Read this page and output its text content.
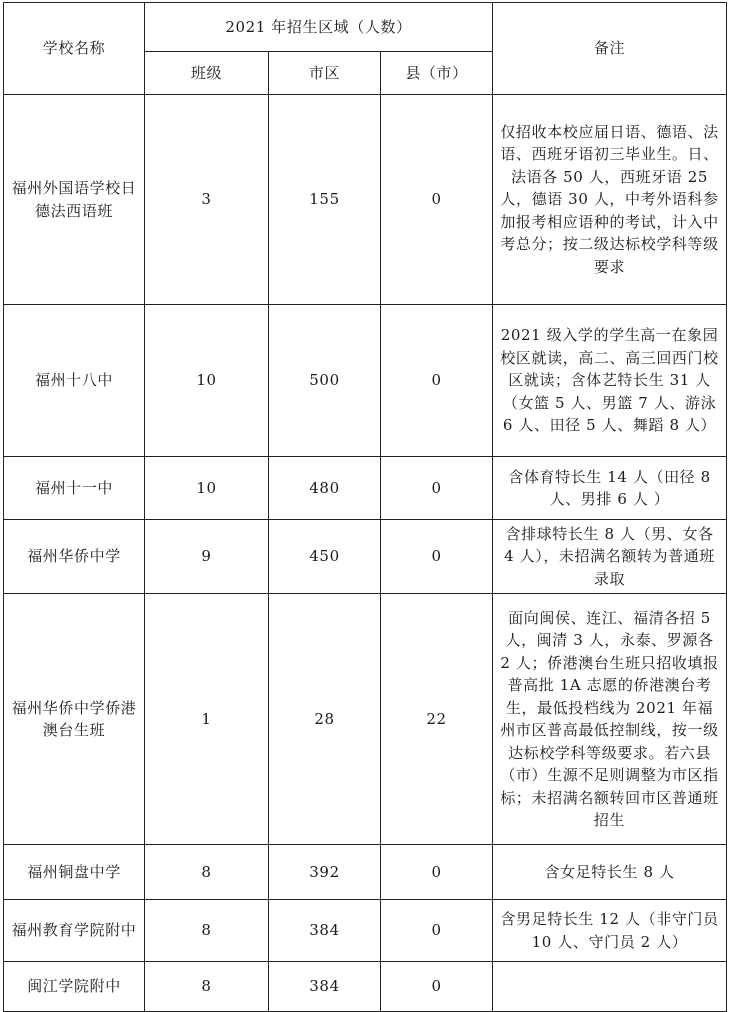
学校名称	2021 年招生区域（人数）			备注
	班级	市区	县（市）	
福州外国语学校日德法西语班	3	155	0	仅招收本校应届日语、德语、法语、西班牙语初三毕业生。日、法语各 50 人，西班牙语 25 人，德语 30 人，中考外语科参加报考相应语种的考试，计入中考总分；按二级达标校学科等级要求
福州十八中	10	500	0	2021 级入学的学生高一在象园校区就读，高二、高三回西门校区就读；含体艺特长生 31 人（女篮 5 人、男篮 7 人、游泳 6 人、田径 5 人、舞蹈 8 人）
福州十一中	10	480	0	含体育特长生 14 人（田径 8 人、男排 6 人 ）
福州华侨中学	9	450	0	含排球特长生 8 人（男、女各 4 人），未招满名额转为普通班录取
福州华侨中学侨港澳台生班	1	28	22	面向闽侯、连江、福清各招 5 人，闽清 3 人，永泰、罗源各 2 人；侨港澳台生班只招收填报普高批 1A 志愿的侨港澳台考生，最低投档线为 2021 年福州市区普高最低控制线，按一级达标校学科等级要求。若六县（市）生源不足则调整为市区指标；未招满名额转回市区普通班招生
福州铜盘中学	8	392	0	含女足特长生 8 人
福州教育学院附中	8	384	0	含男足特长生 12 人（非守门员 10 人、守门员 2 人）
闽江学院附中	8	384	0	
